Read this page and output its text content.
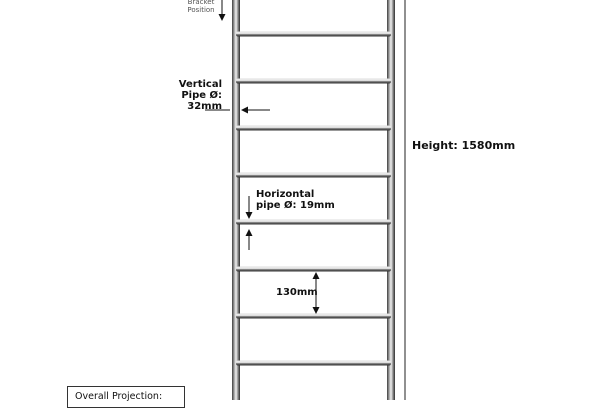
Bracket
Position
Vertical
Pipe Ø:
32mm
Height: 1580mm
Horizontal
pipe Ø: 19mm
130mm
Overall Projection:
